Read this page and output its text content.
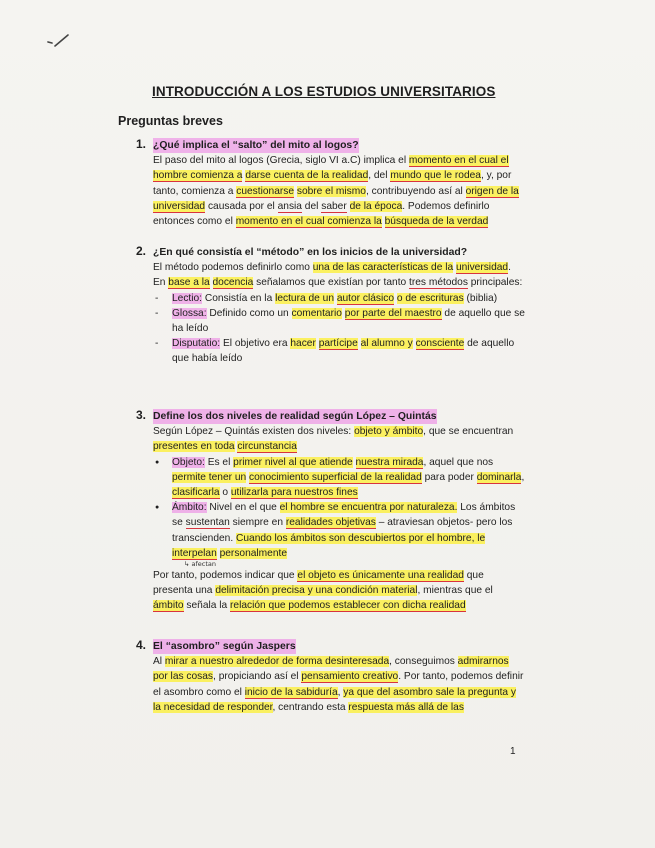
INTRODUCCIÓN A LOS ESTUDIOS UNIVERSITARIOS
Preguntas breves
1. ¿Qué implica el “salto” del mito al logos?

El paso del mito al logos (Grecia, siglo VI a.C) implica el momento en el cual el hombre comienza a darse cuenta de la realidad, del mundo que le rodea, y, por tanto, comienza a cuestionarse sobre el mismo, contribuyendo así al origen de la universidad causada por el ansia del saber de la época. Podemos definirlo entonces como el momento en el cual comienza la búsqueda de la verdad

2. ¿En qué consistía el “método” en los inicios de la universidad?

El método podemos definirlo como una de las características de la universidad. En base a la docencia señalamos que existían por tanto tres métodos principales:

- Lectio: Consistía en la lectura de un autor clásico o de escrituras (biblia)
- Glossa: Definido como un comentario por parte del maestro de aquello que se ha leído
- Disputatio: El objetivo era hacer partícipe al alumno y consciente de aquello que había leído
3. Define los dos niveles de realidad según López – Quintás

Según López – Quintás existen dos niveles: objeto y ámbito, que se encuentran presentes en toda circunstancia

● Objeto: Es el primer nivel al que atiende nuestra mirada, aquel que nos permite tener un conocimiento superficial de la realidad para poder dominarla, clasificarla o utilizarla para nuestros fines
● Ámbito: Nivel en el que el hombre se encuentra por naturaleza. Los ámbitos se sustentan siempre en realidades objetivas – atraviesan objetos- pero los transcienden. Cuando los ámbitos son descubiertos por el hombre, le interpelan personalmente
↳ afectan

Por tanto, podemos indicar que el objeto es únicamente una realidad que presenta una delimitación precisa y una condición material, mientras que el ámbito señala la relación que podemos establecer con dicha realidad

4. El “asombro” según Jaspers

Al mirar a nuestro alrededor de forma desinteresada, conseguimos admirarnos por las cosas, propiciando así el pensamiento creativo. Por tanto, podemos definir el asombro como el inicio de la sabiduría, ya que del asombro sale la pregunta y la necesidad de responder, centrando esta respuesta más allá de las

1
